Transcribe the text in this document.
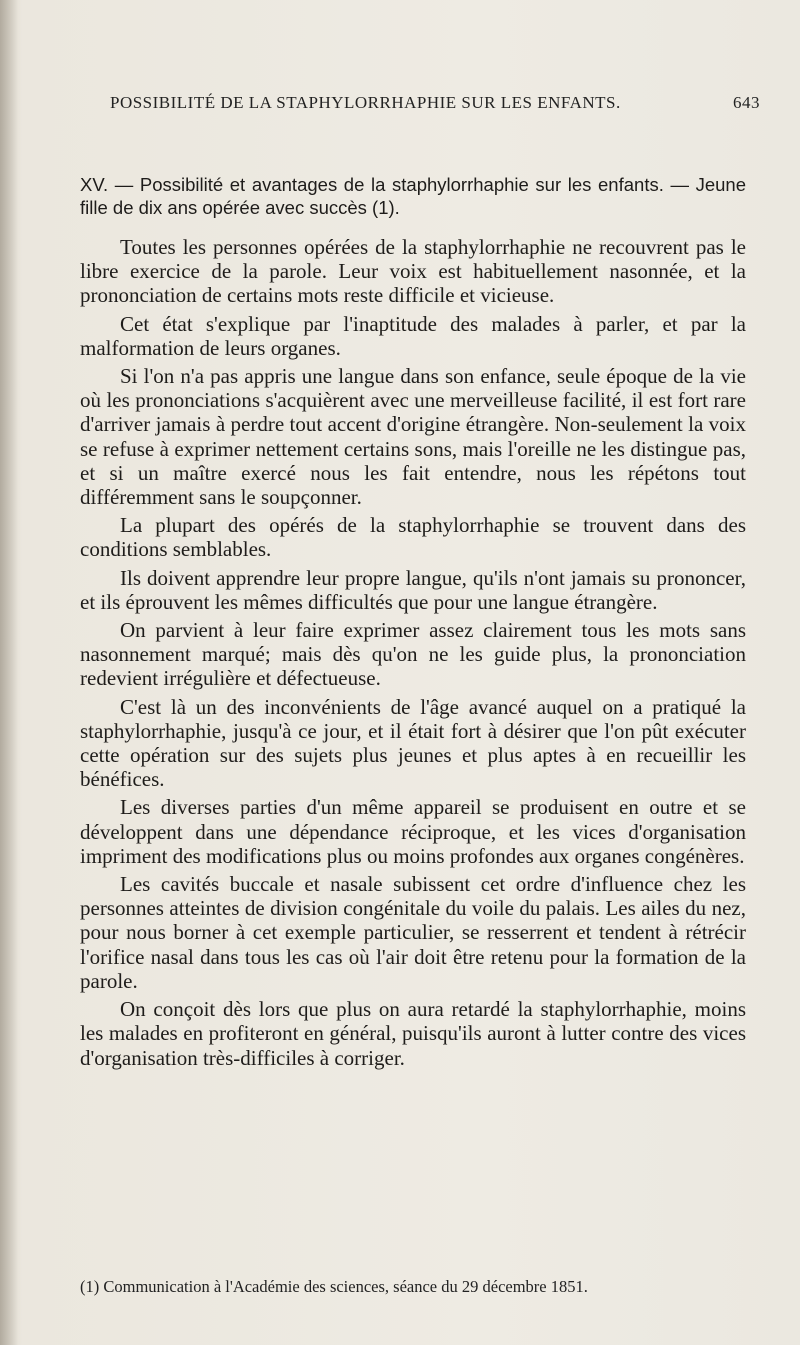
POSSIBILITÉ DE LA STAPHYLORRHAPHIE SUR LES ENFANTS.	643
XV. — Possibilité et avantages de la staphylorrhaphie sur les enfants. — Jeune fille de dix ans opérée avec succès (1).

Toutes les personnes opérées de la staphylorrhaphie ne recouvrent pas le libre exercice de la parole. Leur voix est habituellement nasonnée, et la prononciation de certains mots reste difficile et vicieuse.

Cet état s'explique par l'inaptitude des malades à parler, et par la malformation de leurs organes.

Si l'on n'a pas appris une langue dans son enfance, seule époque de la vie où les prononciations s'acquièrent avec une merveilleuse facilité, il est fort rare d'arriver jamais à perdre tout accent d'origine étrangère. Non-seulement la voix se refuse à exprimer nettement certains sons, mais l'oreille ne les distingue pas, et si un maître exercé nous les fait entendre, nous les répétons tout différemment sans le soupçonner.

La plupart des opérés de la staphylorrhaphie se trouvent dans des conditions semblables.

Ils doivent apprendre leur propre langue, qu'ils n'ont jamais su prononcer, et ils éprouvent les mêmes difficultés que pour une langue étrangère.

On parvient à leur faire exprimer assez clairement tous les mots sans nasonnement marqué; mais dès qu'on ne les guide plus, la prononciation redevient irrégulière et défectueuse.

C'est là un des inconvénients de l'âge avancé auquel on a pratiqué la staphylorrhaphie, jusqu'à ce jour, et il était fort à désirer que l'on pût exécuter cette opération sur des sujets plus jeunes et plus aptes à en recueillir les bénéfices.

Les diverses parties d'un même appareil se produisent en outre et se développent dans une dépendance réciproque, et les vices d'organisation impriment des modifications plus ou moins profondes aux organes congénères.

Les cavités buccale et nasale subissent cet ordre d'influence chez les personnes atteintes de division congénitale du voile du palais. Les ailes du nez, pour nous borner à cet exemple particulier, se resserrent et tendent à rétrécir l'orifice nasal dans tous les cas où l'air doit être retenu pour la formation de la parole.

On conçoit dès lors que plus on aura retardé la staphylorrhaphie, moins les malades en profiteront en général, puisqu'ils auront à lutter contre des vices d'organisation très-difficiles à corriger.

(1) Communication à l'Académie des sciences, séance du 29 décembre 1851.
